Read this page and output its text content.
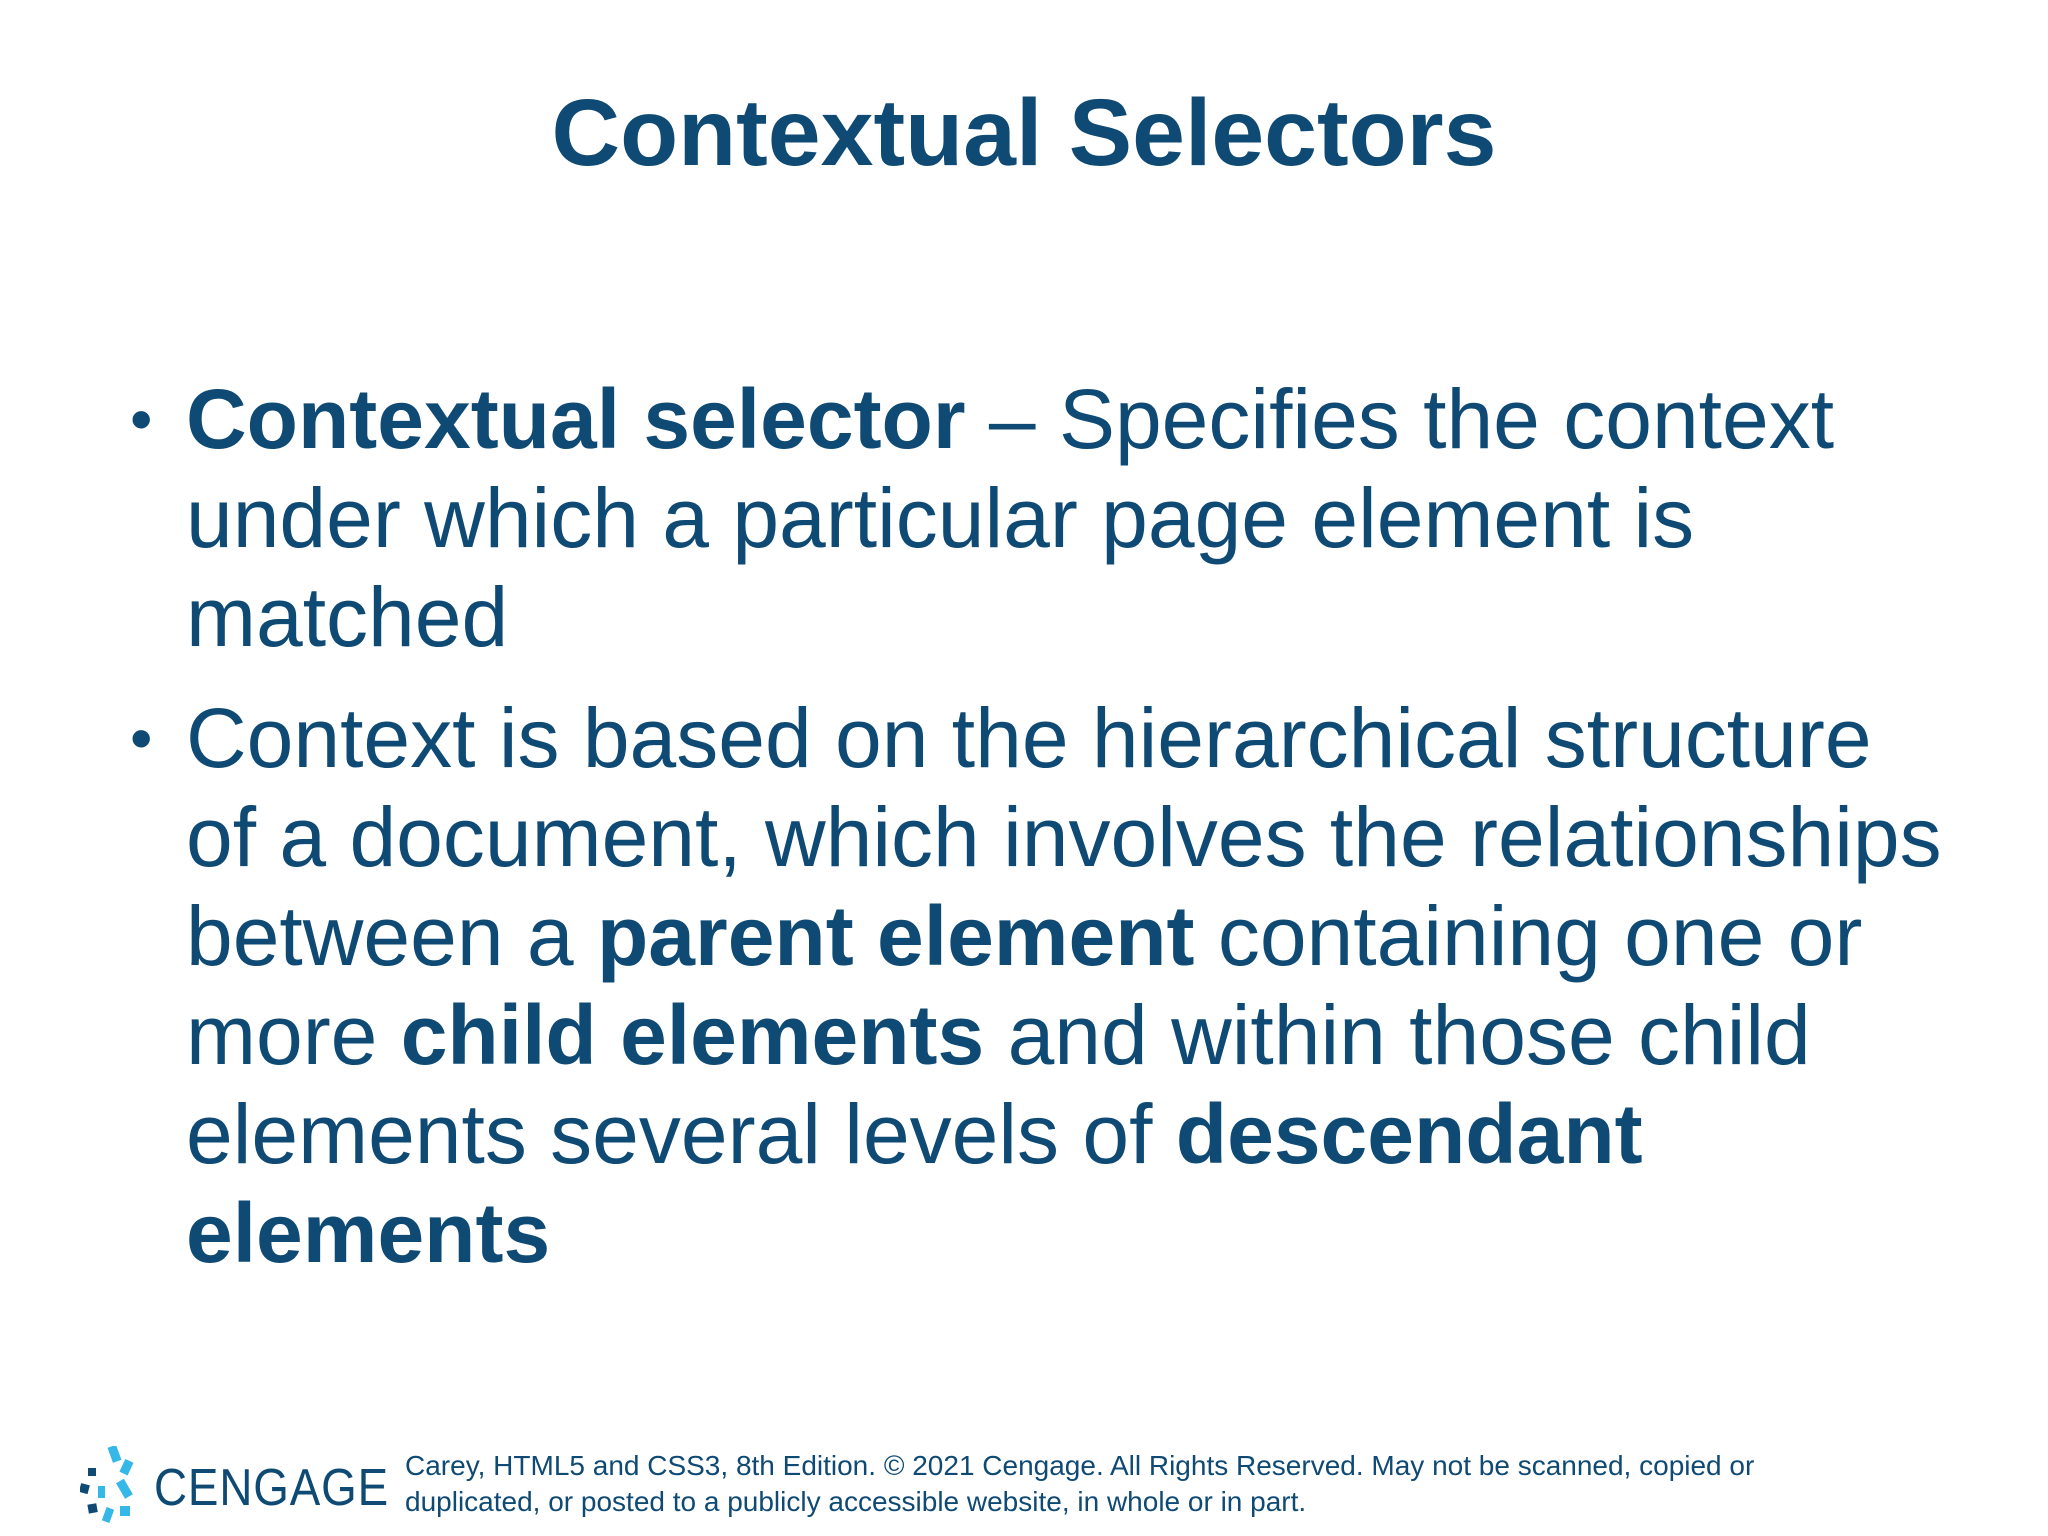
Contextual Selectors
• Contextual selector – Specifies the context under which a particular page element is matched
• Context is based on the hierarchical structure of a document, which involves the relationships between a parent element containing one or more child elements and within those child elements several levels of descendant elements
CENGAGE Carey, HTML5 and CSS3, 8th Edition. © 2021 Cengage. All Rights Reserved. May not be scanned, copied or
duplicated, or posted to a publicly accessible website, in whole or in part.
